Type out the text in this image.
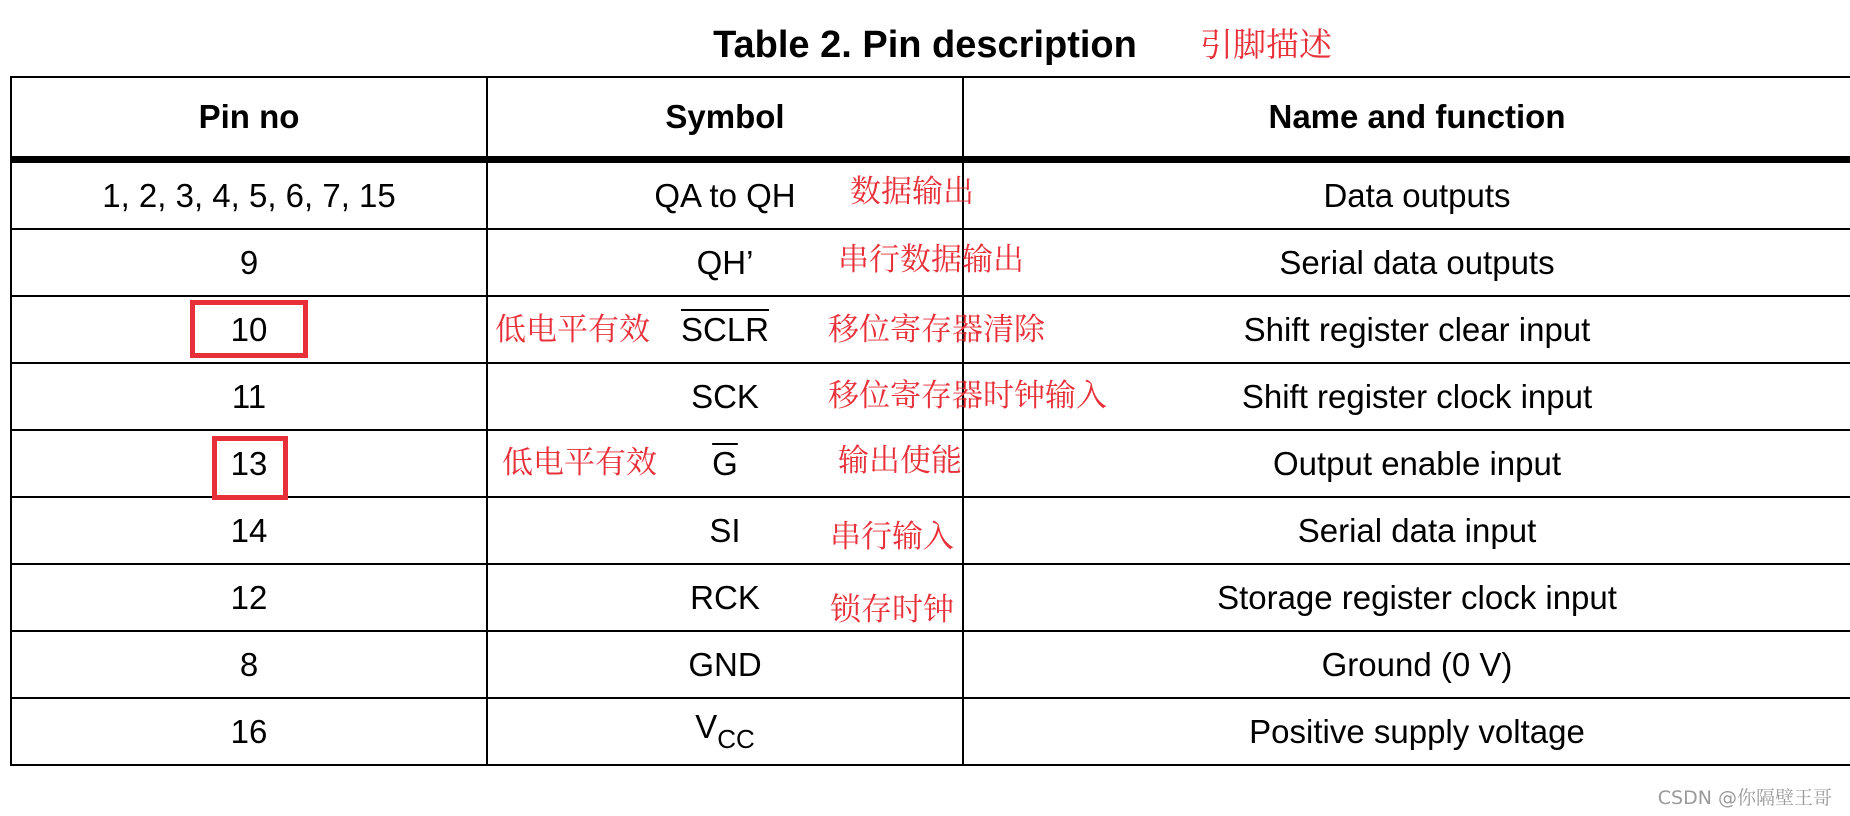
Table 2. Pin description	引脚描述
Pin no	Symbol	Name and function
1, 2, 3, 4, 5, 6, 7, 15	QA to QH	Data outputs
9	QH’	Serial data outputs
10	SCLR	Shift register clear input
11	SCK	Shift register clock input
13	$\overline{G}$	Output enable input
14	SI	Serial data input
12	RCK	Storage register clock input
8	GND	Ground (0 V)
16	$V_{CC}$	Positive supply voltage
数据输出
串行数据输出
移位寄存器清除
低电平有效
移位寄存器时钟输入
输出使能
低电平有效
串行输入
锁存时钟
CSDN @你隔壁王哥
